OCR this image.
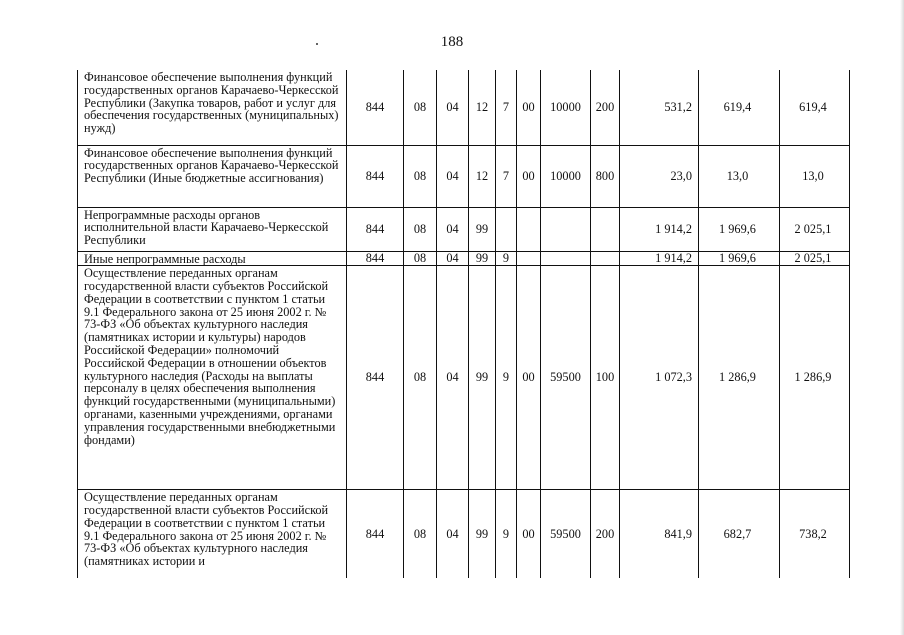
188
Финансовое обеспечение выполнения функций государственных органов Карачаево-Черкесской Республики (Закупка товаров, работ и услуг для обеспечения государственных (муниципальных) нужд)	844	08	04	12	7	00	10000	200	531,2	619,4	619,4
Финансовое обеспечение выполнения функций государственных органов Карачаево-Черкесской Республики (Иные бюджетные ассигнования)	844	08	04	12	7	00	10000	800	23,0	13,0	13,0
Непрограммные расходы органов исполнительной власти Карачаево-Черкесской Республики	844	08	04	99					1 914,2	1 969,6	2 025,1
Иные непрограммные расходы	844	08	04	99	9				1 914,2	1 969,6	2 025,1
Осуществление переданных органам государственной власти субъектов Российской Федерации в соответствии с пунктом 1 статьи 9.1 Федерального закона от 25 июня 2002 г. № 73-ФЗ «Об объектах культурного наследия (памятниках истории и культуры) народов Российской Федерации» полномочий Российской Федерации в отношении объектов культурного наследия (Расходы на выплаты персоналу в целях обеспечения выполнения функций государственными (муниципальными) органами, казенными учреждениями, органами управления государственными внебюджетными фондами)	844	08	04	99	9	00	59500	100	1 072,3	1 286,9	1 286,9
Осуществление переданных органам государственной власти субъектов Российской Федерации в соответствии с пунктом 1 статьи 9.1 Федерального закона от 25 июня 2002 г. № 73-ФЗ «Об объектах культурного наследия (памятниках истории и	844	08	04	99	9	00	59500	200	841,9	682,7	738,2
